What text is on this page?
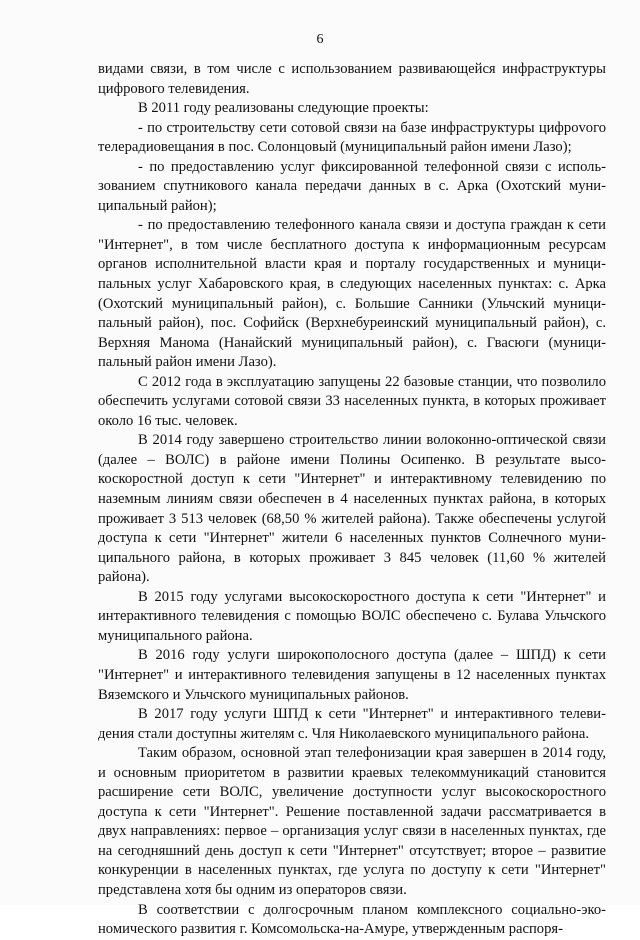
6

видами связи, в том числе с использованием развивающейся инфраструктуры цифрового телевидения.

В 2011 году реализованы следующие проекты:

- по строительству сети сотовой связи на базе инфраструктуры цифроvого телерадиовещания в пос. Солонцовый (муниципальный район имени Лазо);

- по предоставлению услуг фиксированной телефонной связи с использованием спутникового канала передачи данных в с. Арка (Охотский муниципальный район);

- по предоставлению телефонного канала связи и доступа граждан к сети "Интернет", в том числе бесплатного доступа к информационным ресурсам органов исполнительной власти края и порталу государственных и муниципальных услуг Хабаровского края, в следующих населенных пунктах: с. Арка (Охотский муниципальный район), с. Большие Санники (Ульчский муниципальный район), пос. Софийск (Верхнебуреинский муниципальный район), с. Верхняя Манома (Нанайский муниципальный район), с. Гвасюги (муниципальный район имени Лазо).

С 2012 года в эксплуатацию запущены 22 базовые станции, что позволило обеспечить услугами сотовой связи 33 населенных пункта, в которых проживает около 16 тыс. человек.

В 2014 году завершено строительство линии волоконно-оптической связи (далее – ВОЛС) в районе имени Полины Осипенко. В результате высокоскоростной доступ к сети "Интернет" и интерактивному телевидению по наземным линиям связи обеспечен в 4 населенных пунктах района, в которых проживает 3 513 человек (68,50 % жителей района). Также обеспечены услугой доступа к сети "Интернет" жители 6 населенных пунктов Солнечного муниципального района, в которых проживает 3 845 человек (11,60 % жителей района).

В 2015 году услугами высокоскоростного доступа к сети "Интернет" и интерактивного телевидения с помощью ВОЛС обеспечено с. Булава Ульчского муниципального района.

В 2016 году услуги широкополосного доступа (далее – ШПД) к сети "Интернет" и интерактивного телевидения запущены в 12 населенных пунктах Вяземского и Ульчского муниципальных районов.

В 2017 году услуги ШПД к сети "Интернет" и интерактивного телевидения стали доступны жителям с. Чля Николаевского муниципального района.

Таким образом, основной этап телефонизации края завершен в 2014 году, и основным приоритетом в развитии краевых телекоммуникаций становится расширение сети ВОЛС, увеличение доступности услуг высокоскоростного доступа к сети "Интернет". Решение поставленной задачи рассматривается в двух направлениях: первое – организация услуг связи в населенных пунктах, где на сегодняшний день доступ к сети "Интернет" отсутствует; второе – развитие конкуренции в населенных пунктах, где услуга по доступу к сети "Интернет" представлена хотя бы одним из операторов связи.

В соответствии с долгосрочным планом комплексного социально-экономического развития г. Комсомольска-на-Амуре, утвержденным распоря-
